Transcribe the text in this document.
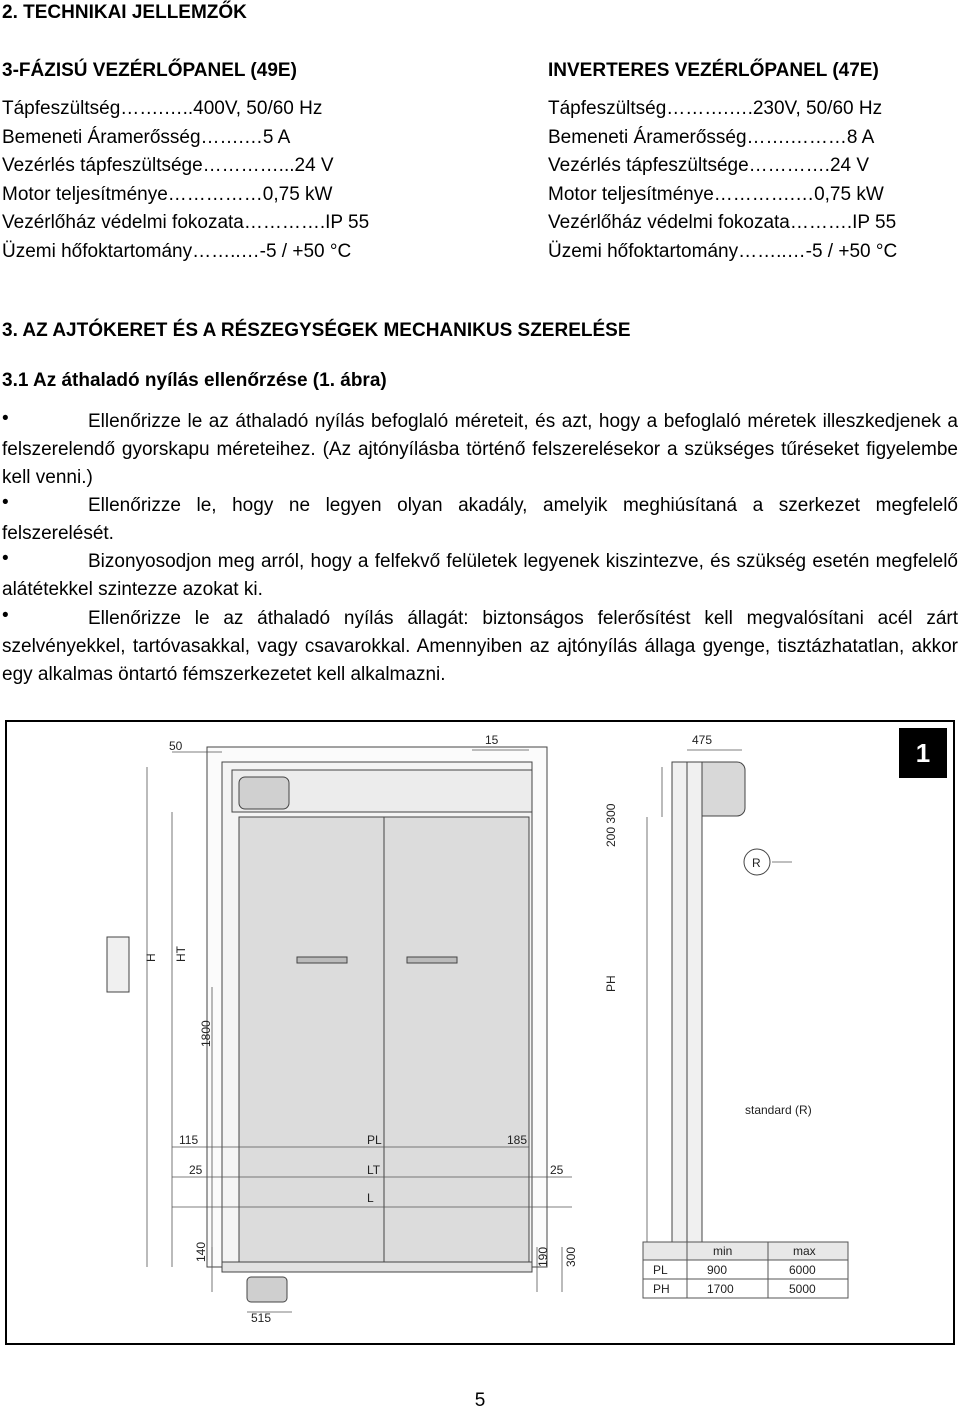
2. TECHNIKAI JELLEMZŐK
3-FÁZISÚ VEZÉRLŐPANEL (49E)
Tápfeszültség…….…..400V, 50/60 Hz
Bemeneti Áramerősség…….…5 A
Vezérlés tápfeszültsége…………...24 V
Motor teljesítménye……………0,75 kW
Vezérlőház védelmi fokozata………….IP 55
Üzemi hőfoktartomány……..…-5 / +50 °C
INVERTERES VEZÉRLŐPANEL (47E)
Tápfeszültség……….….230V, 50/60 Hz
Bemeneti Áramerősség…….………8 A
Vezérlés tápfeszültsége………….24 V
Motor teljesítménye………….…0,75 kW
Vezérlőház védelmi fokozata……….IP 55
Üzemi hőfoktartomány……..…-5 / +50 °C
3. AZ AJTÓKERET ÉS A RÉSZEGYSÉGEK MECHANIKUS SZERELÉSE
3.1 Az áthaladó nyílás ellenőrzése (1. ábra)
•	Ellenőrizze le az áthaladó nyílás befoglaló méreteit, és azt, hogy a befoglaló méretek illeszkedjenek a felszerelendő gyorskapu méreteihez. (Az ajtónyílásba történő felszerelésekor a szükséges tűréseket figyelembe kell venni.)
•	Ellenőrizze le, hogy ne legyen olyan akadály, amelyik meghiúsítaná a szerkezet megfelelő felszerelését.
•	Bizonyosodjon meg arról, hogy a felfekvő felületek legyenek kiszintezve, és szükség esetén megfelelő alátétekkel szintezze azokat ki.
•	Ellenőrizze le az áthaladó nyílás állagát: biztonságos felerősítést kell megvalósítani acél zárt szelvényekkel, tartóvasakkal, vagy csavarokkal. Amennyiben az ajtónyílás állaga gyenge, tisztázhatatlan, akkor egy alkalmas öntartó fémszerkezetet kell alkalmazni.
1
50	15	475
200 300
H HT
PH
1800
R
standard (R)
115	PL	185
25	LT	25
L
140	190 300
515
min	max
PL	900	6000
PH	1700	5000
5
